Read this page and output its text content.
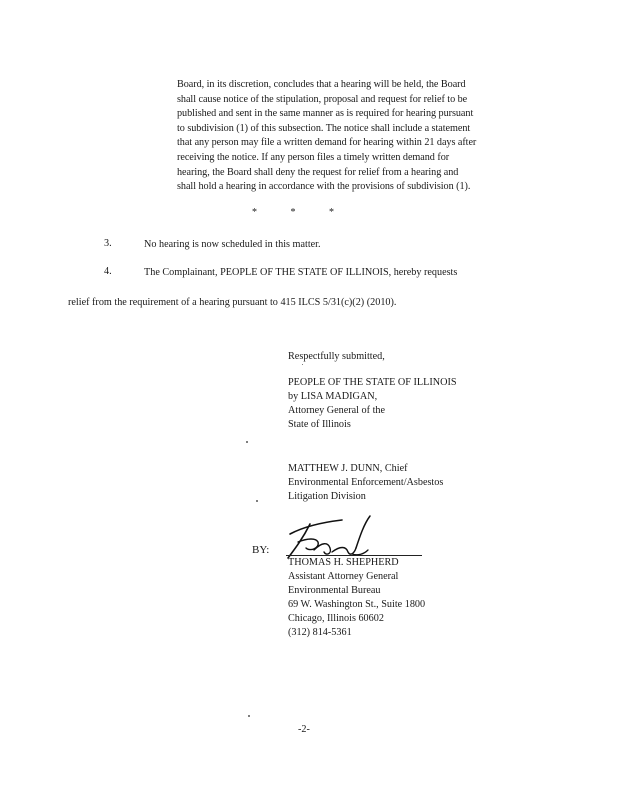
Board, in its discretion, concludes that a hearing will be held, the Board
shall cause notice of the stipulation, proposal and request for relief to be
published and sent in the same manner as is required for hearing pursuant
to subdivision (1) of this subsection. The notice shall include a statement
that any person may file a written demand for hearing within 21 days after
receiving the notice. If any person files a timely written demand for
hearing, the Board shall deny the request for relief from a hearing and
shall hold a hearing in accordance with the provisions of subdivision (1).
*	*	*
3.	No hearing is now scheduled in this matter.
4.	The Complainant, PEOPLE OF THE STATE OF ILLINOIS, hereby requests
relief from the requirement of a hearing pursuant to 415 ILCS 5/31(c)(2) (2010).
Respectfully submitted,
PEOPLE OF THE STATE OF ILLINOIS
by LISA MADIGAN,
Attorney General of the
State of Illinois
MATTHEW J. DUNN, Chief
Environmental Enforcement/Asbestos
Litigation Division
BY:
THOMAS H. SHEPHERD
Assistant Attorney General
Environmental Bureau
69 W. Washington St., Suite 1800
Chicago, Illinois 60602
(312) 814-5361
-2-
